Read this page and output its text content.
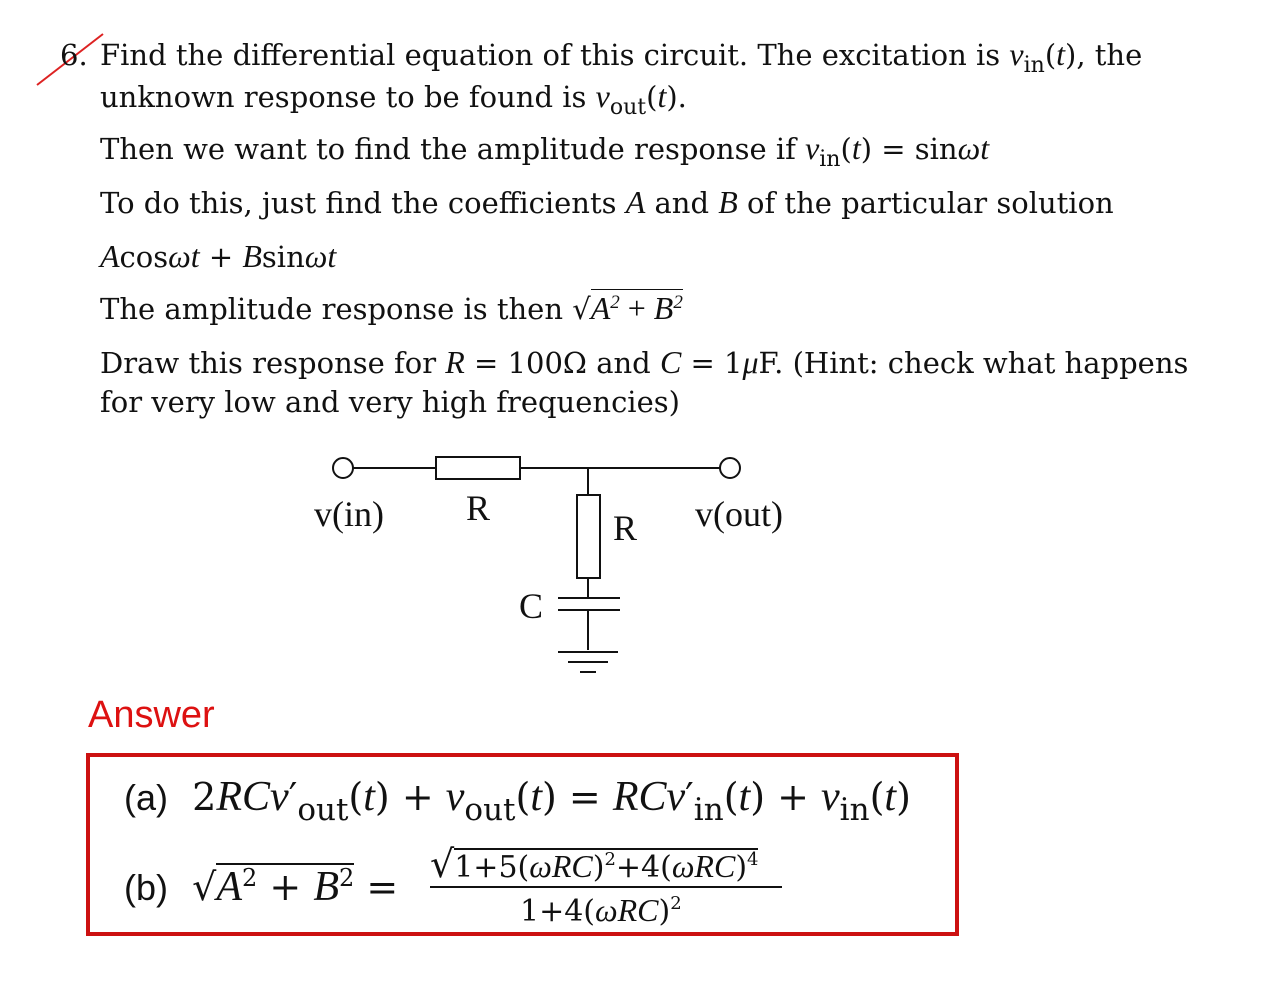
6. Find the differential equation of this circuit. The excitation is $v_{in}(t)$, the
unknown response to be found is $v_{out}(t)$.
Then we want to find the amplitude response if $v_{in}(t) = \sin\omega t$
To do this, just find the coefficients A and B of the particular solution
Acosωt + Bsinωt
The amplitude response is then $√A^2 + B^2$
Draw this response for R = 100Ω and C = 1μF. (Hint: check what happens
for very low and very high frequencies)
v(in) R	R v(out)
C
Answer
(a) $2RCv'_{out}(t) + v_{out}(t) = RCv'_{in}(t) + v_{in}(t)$
(b) $√A^2 + B^2$ =
$√1+5(\omega RC)^2+4(\omega RC)^4$
$1+4(\omega RC)^2$
